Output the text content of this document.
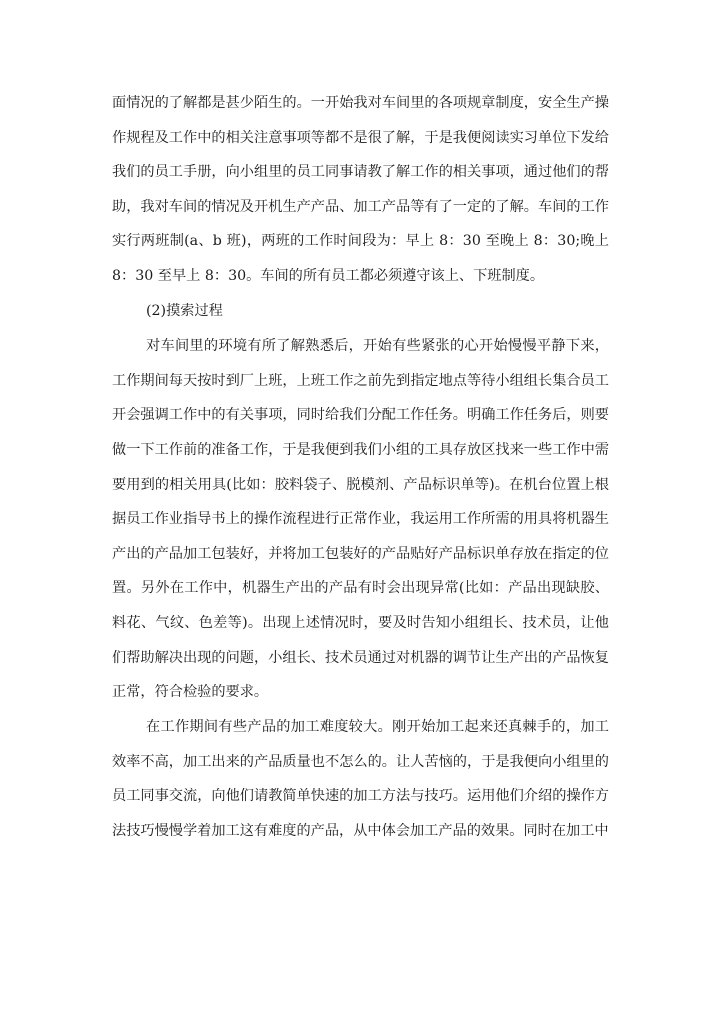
面情况的了解都是甚少陌生的。一开始我对车间里的各项规章制度，安全生产操作规程及工作中的相关注意事项等都不是很了解，于是我便阅读实习单位下发给我们的员工手册，向小组里的员工同事请教了解工作的相关事项，通过他们的帮助，我对车间的情况及开机生产产品、加工产品等有了一定的了解。车间的工作实行两班制(a、b 班)，两班的工作时间段为：早上 8：30 至晚上 8：30;晚上 8：30 至早上 8：30。车间的所有员工都必须遵守该上、下班制度。

(2)摸索过程

对车间里的环境有所了解熟悉后，开始有些紧张的心开始慢慢平静下来，工作期间每天按时到厂上班，上班工作之前先到指定地点等待小组组长集合员工开会强调工作中的有关事项，同时给我们分配工作任务。明确工作任务后，则要做一下工作前的准备工作，于是我便到我们小组的工具存放区找来一些工作中需要用到的相关用具(比如：胶料袋子、脱模剂、产品标识单等)。在机台位置上根据员工作业指导书上的操作流程进行正常作业，我运用工作所需的用具将机器生产出的产品加工包装好，并将加工包装好的产品贴好产品标识单存放在指定的位置。另外在工作中，机器生产出的产品有时会出现异常(比如：产品出现缺胶、料花、气纹、色差等)。出现上述情况时，要及时告知小组组长、技术员，让他们帮助解决出现的问题，小组长、技术员通过对机器的调节让生产出的产品恢复正常，符合检验的要求。

在工作期间有些产品的加工难度较大。刚开始加工起来还真棘手的，加工效率不高，加工出来的产品质量也不怎么的。让人苦恼的，于是我便向小组里的员工同事交流，向他们请教简单快速的加工方法与技巧。运用他们介绍的操作方法技巧慢慢学着加工这有难度的产品，从中体会加工产品的效果。同时在加工中
